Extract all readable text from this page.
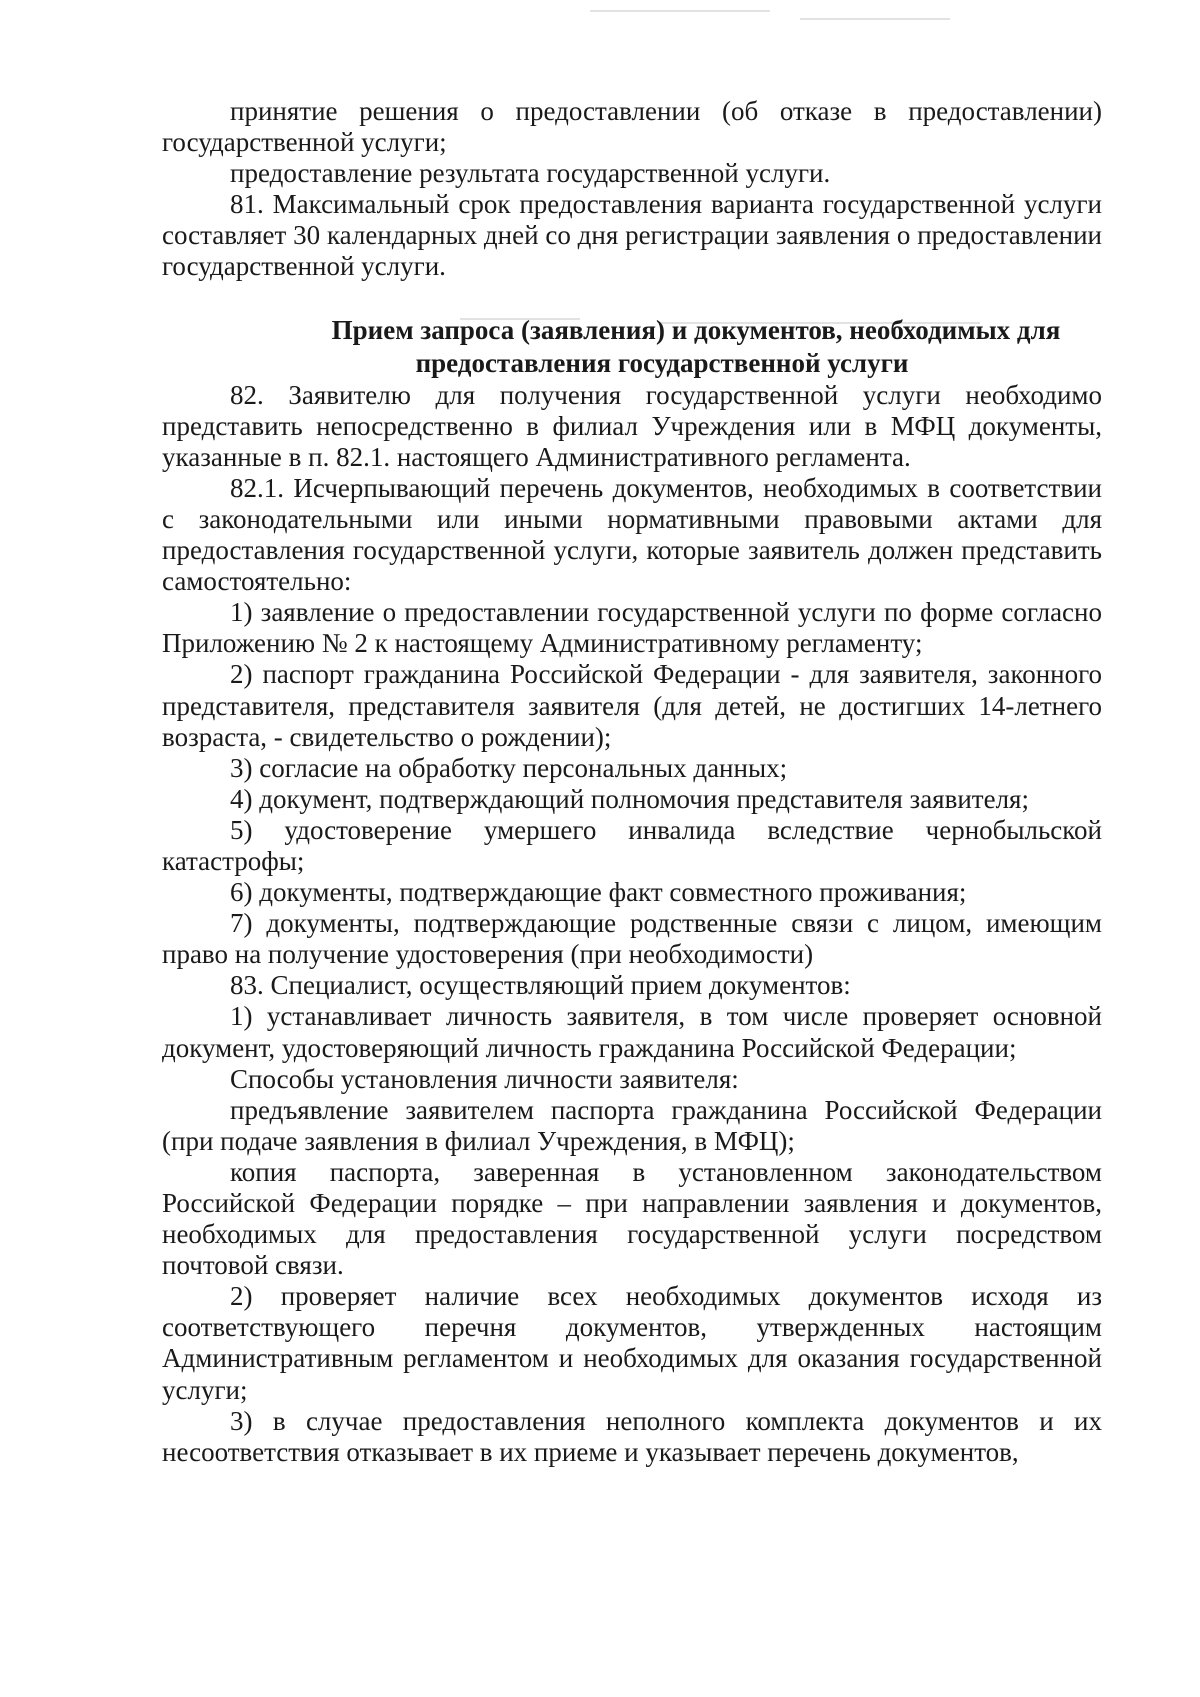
принятие решения о предоставлении (об отказе в предоставлении) государственной услуги;

предоставление результата государственной услуги.

81. Максимальный срок предоставления варианта государственной услуги составляет 30 календарных дней со дня регистрации заявления о предоставлении государственной услуги.

Прием запроса (заявления) и документов, необходимых для предоставления государственной услуги

82. Заявителю для получения государственной услуги необходимо представить непосредственно в филиал Учреждения или в МФЦ документы, указанные в п. 82.1. настоящего Административного регламента.

82.1. Исчерпывающий перечень документов, необходимых в соответствии с законодательными или иными нормативными правовыми актами для предоставления государственной услуги, которые заявитель должен представить самостоятельно:

1) заявление о предоставлении государственной услуги по форме согласно Приложению № 2 к настоящему Административному регламенту;

2) паспорт гражданина Российской Федерации - для заявителя, законного представителя, представителя заявителя (для детей, не достигших 14-летнего возраста, - свидетельство о рождении);

3) согласие на обработку персональных данных;

4) документ, подтверждающий полномочия представителя заявителя;

5) удостоверение умершего инвалида вследствие чернобыльской катастрофы;

6) документы, подтверждающие факт совместного проживания;

7) документы, подтверждающие родственные связи с лицом, имеющим право на получение удостоверения (при необходимости)

83. Специалист, осуществляющий прием документов:

1) устанавливает личность заявителя, в том числе проверяет основной документ, удостоверяющий личность гражданина Российской Федерации;

Способы установления личности заявителя:

предъявление заявителем паспорта гражданина Российской Федерации (при подаче заявления в филиал Учреждения, в МФЦ);

копия паспорта, заверенная в установленном законодательством Российской Федерации порядке – при направлении заявления и документов, необходимых для предоставления государственной услуги посредством почтовой связи.

2) проверяет наличие всех необходимых документов исходя из соответствующего перечня документов, утвержденных настоящим Административным регламентом и необходимых для оказания государственной услуги;

3) в случае предоставления неполного комплекта документов и их несоответствия отказывает в их приеме и указывает перечень документов,
